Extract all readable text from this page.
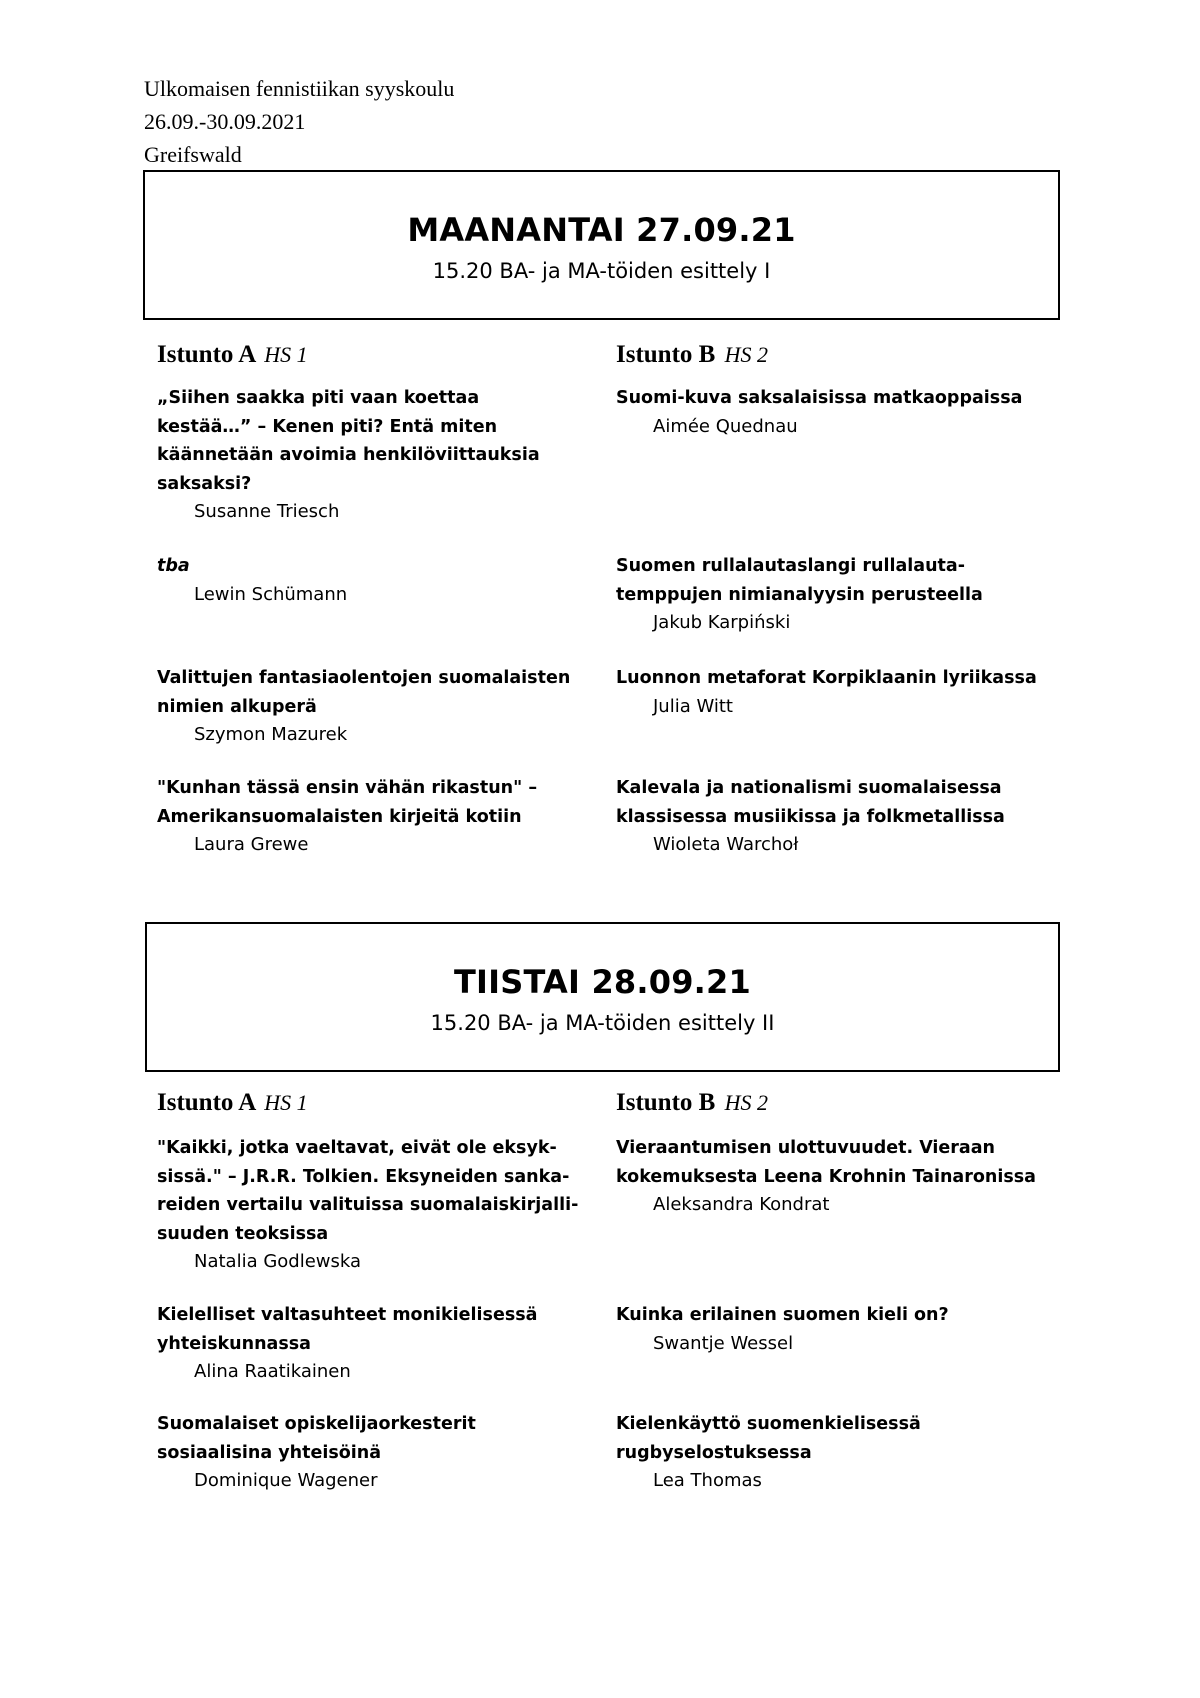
Ulkomaisen fennistiikan syyskoulu
26.09.-30.09.2021
Greifswald
MAANANTAI 27.09.21
15.20 BA- ja MA-töiden esittely I
Istunto A HS 1
„Siihen saakka piti vaan koettaa
kestää…” – Kenen piti? Entä miten
käännetään avoimia henkilöviittauksia
saksaksi?
Susanne Triesch
tba
Lewin Schümann
Valittujen fantasiaolentojen suomalaisten
nimien alkuperä
Szymon Mazurek
"Kunhan tässä ensin vähän rikastun" –
Amerikansuomalaisten kirjeitä kotiin
Laura Grewe
Istunto B HS 2
Suomi-kuva saksalaisissa matkaoppaissa
Aimée Quednau
Suomen rullalautaslangi rullalauta-
temppujen nimianalyysin perusteella
Jakub Karpiński
Luonnon metaforat Korpiklaanin lyriikassa
Julia Witt
Kalevala ja nationalismi suomalaisessa
klassisessa musiikissa ja folkmetallissa
Wioleta Warchoł
TIISTAI 28.09.21
15.20 BA- ja MA-töiden esittely II
Istunto A HS 1
"Kaikki, jotka vaeltavat, eivät ole eksyk-
sissä." – J.R.R. Tolkien. Eksyneiden sanka-
reiden vertailu valituissa suomalaiskirjalli-
suuden teoksissa
Natalia Godlewska
Kielelliset valtasuhteet monikielisessä
yhteiskunnassa
Alina Raatikainen
Suomalaiset opiskelijaorkesterit
sosiaalisina yhteisöinä
Dominique Wagener
Istunto B HS 2
Vieraantumisen ulottuvuudet. Vieraan
kokemuksesta Leena Krohnin Tainaronissa
Aleksandra Kondrat
Kuinka erilainen suomen kieli on?
Swantje Wessel
Kielenkäyttö suomenkielisessä
rugbyselostuksessa
Lea Thomas
